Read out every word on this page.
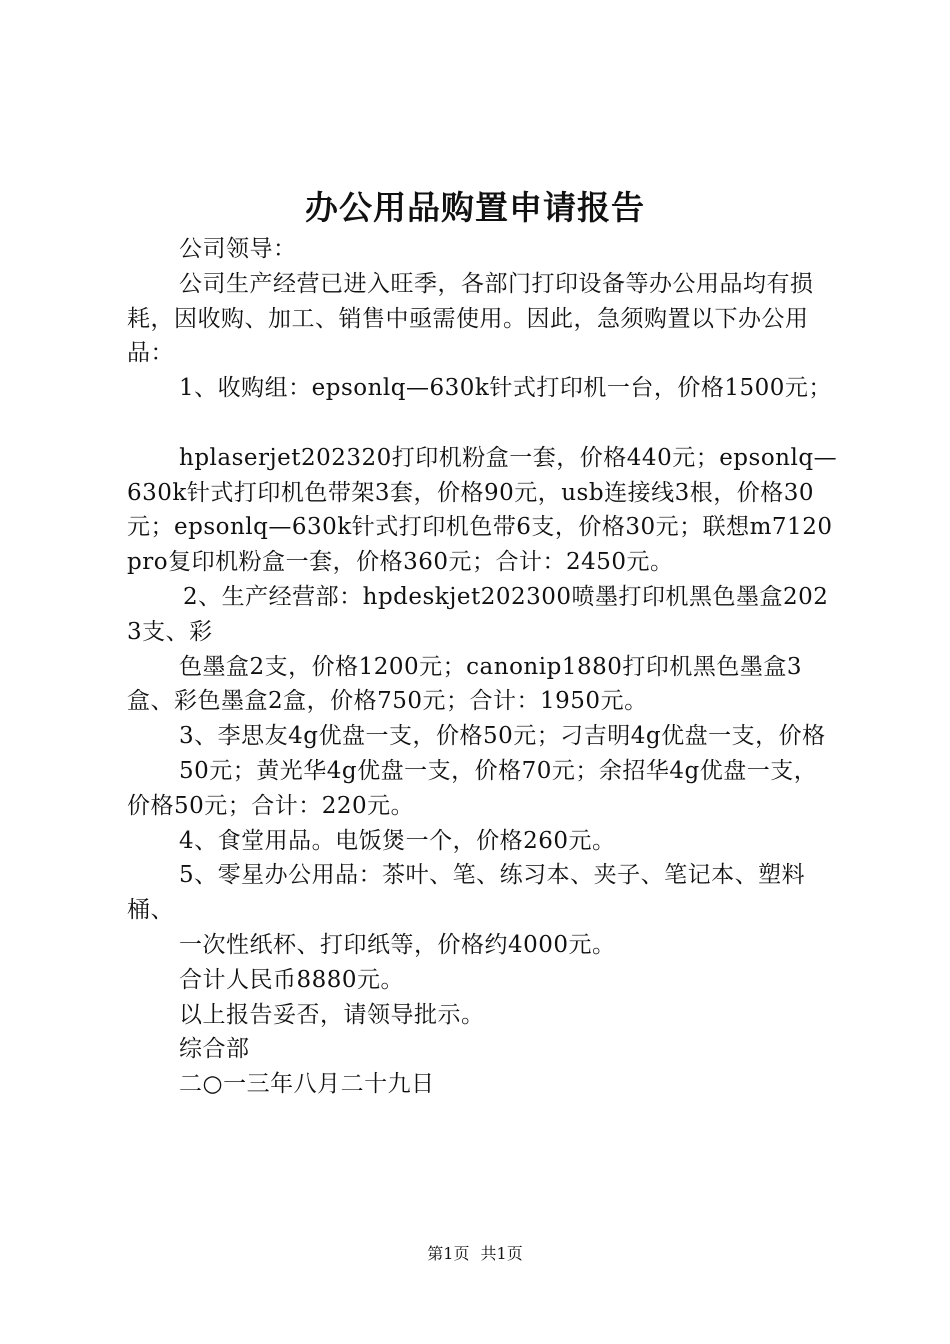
办公用品购置申请报告

公司领导：

公司生产经营已进入旺季，各部门打印设备等办公用品均有损耗，因收购、加工、销售中亟需使用。因此，急须购置以下办公用品：

1、收购组：epsonlq—630k针式打印机一台，价格1500元；

hplaserjet202320打印机粉盒一套，价格440元；epsonlq—630k针式打印机色带架3套，价格90元，usb连接线3根，价格30元；epsonlq—630k针式打印机色带6支，价格30元；联想m7120pro复印机粉盒一套，价格360元；合计：2450元。

2、生产经营部：hpdeskjet202300喷墨打印机黑色墨盒2023支、彩

色墨盒2支，价格1200元；canonip1880打印机黑色墨盒3盒、彩色墨盒2盒，价格750元；合计：1950元。

3、李思友4g优盘一支，价格50元；刁吉明4g优盘一支，价格

50元；黄光华4g优盘一支，价格70元；余招华4g优盘一支，价格50元；合计：220元。

4、食堂用品。电饭煲一个，价格260元。

5、零星办公用品：茶叶、笔、练习本、夹子、笔记本、塑料桶、

一次性纸杯、打印纸等，价格约4000元。

合计人民币8880元。

以上报告妥否，请领导批示。

综合部

二○一三年八月二十九日

第1页 共1页
